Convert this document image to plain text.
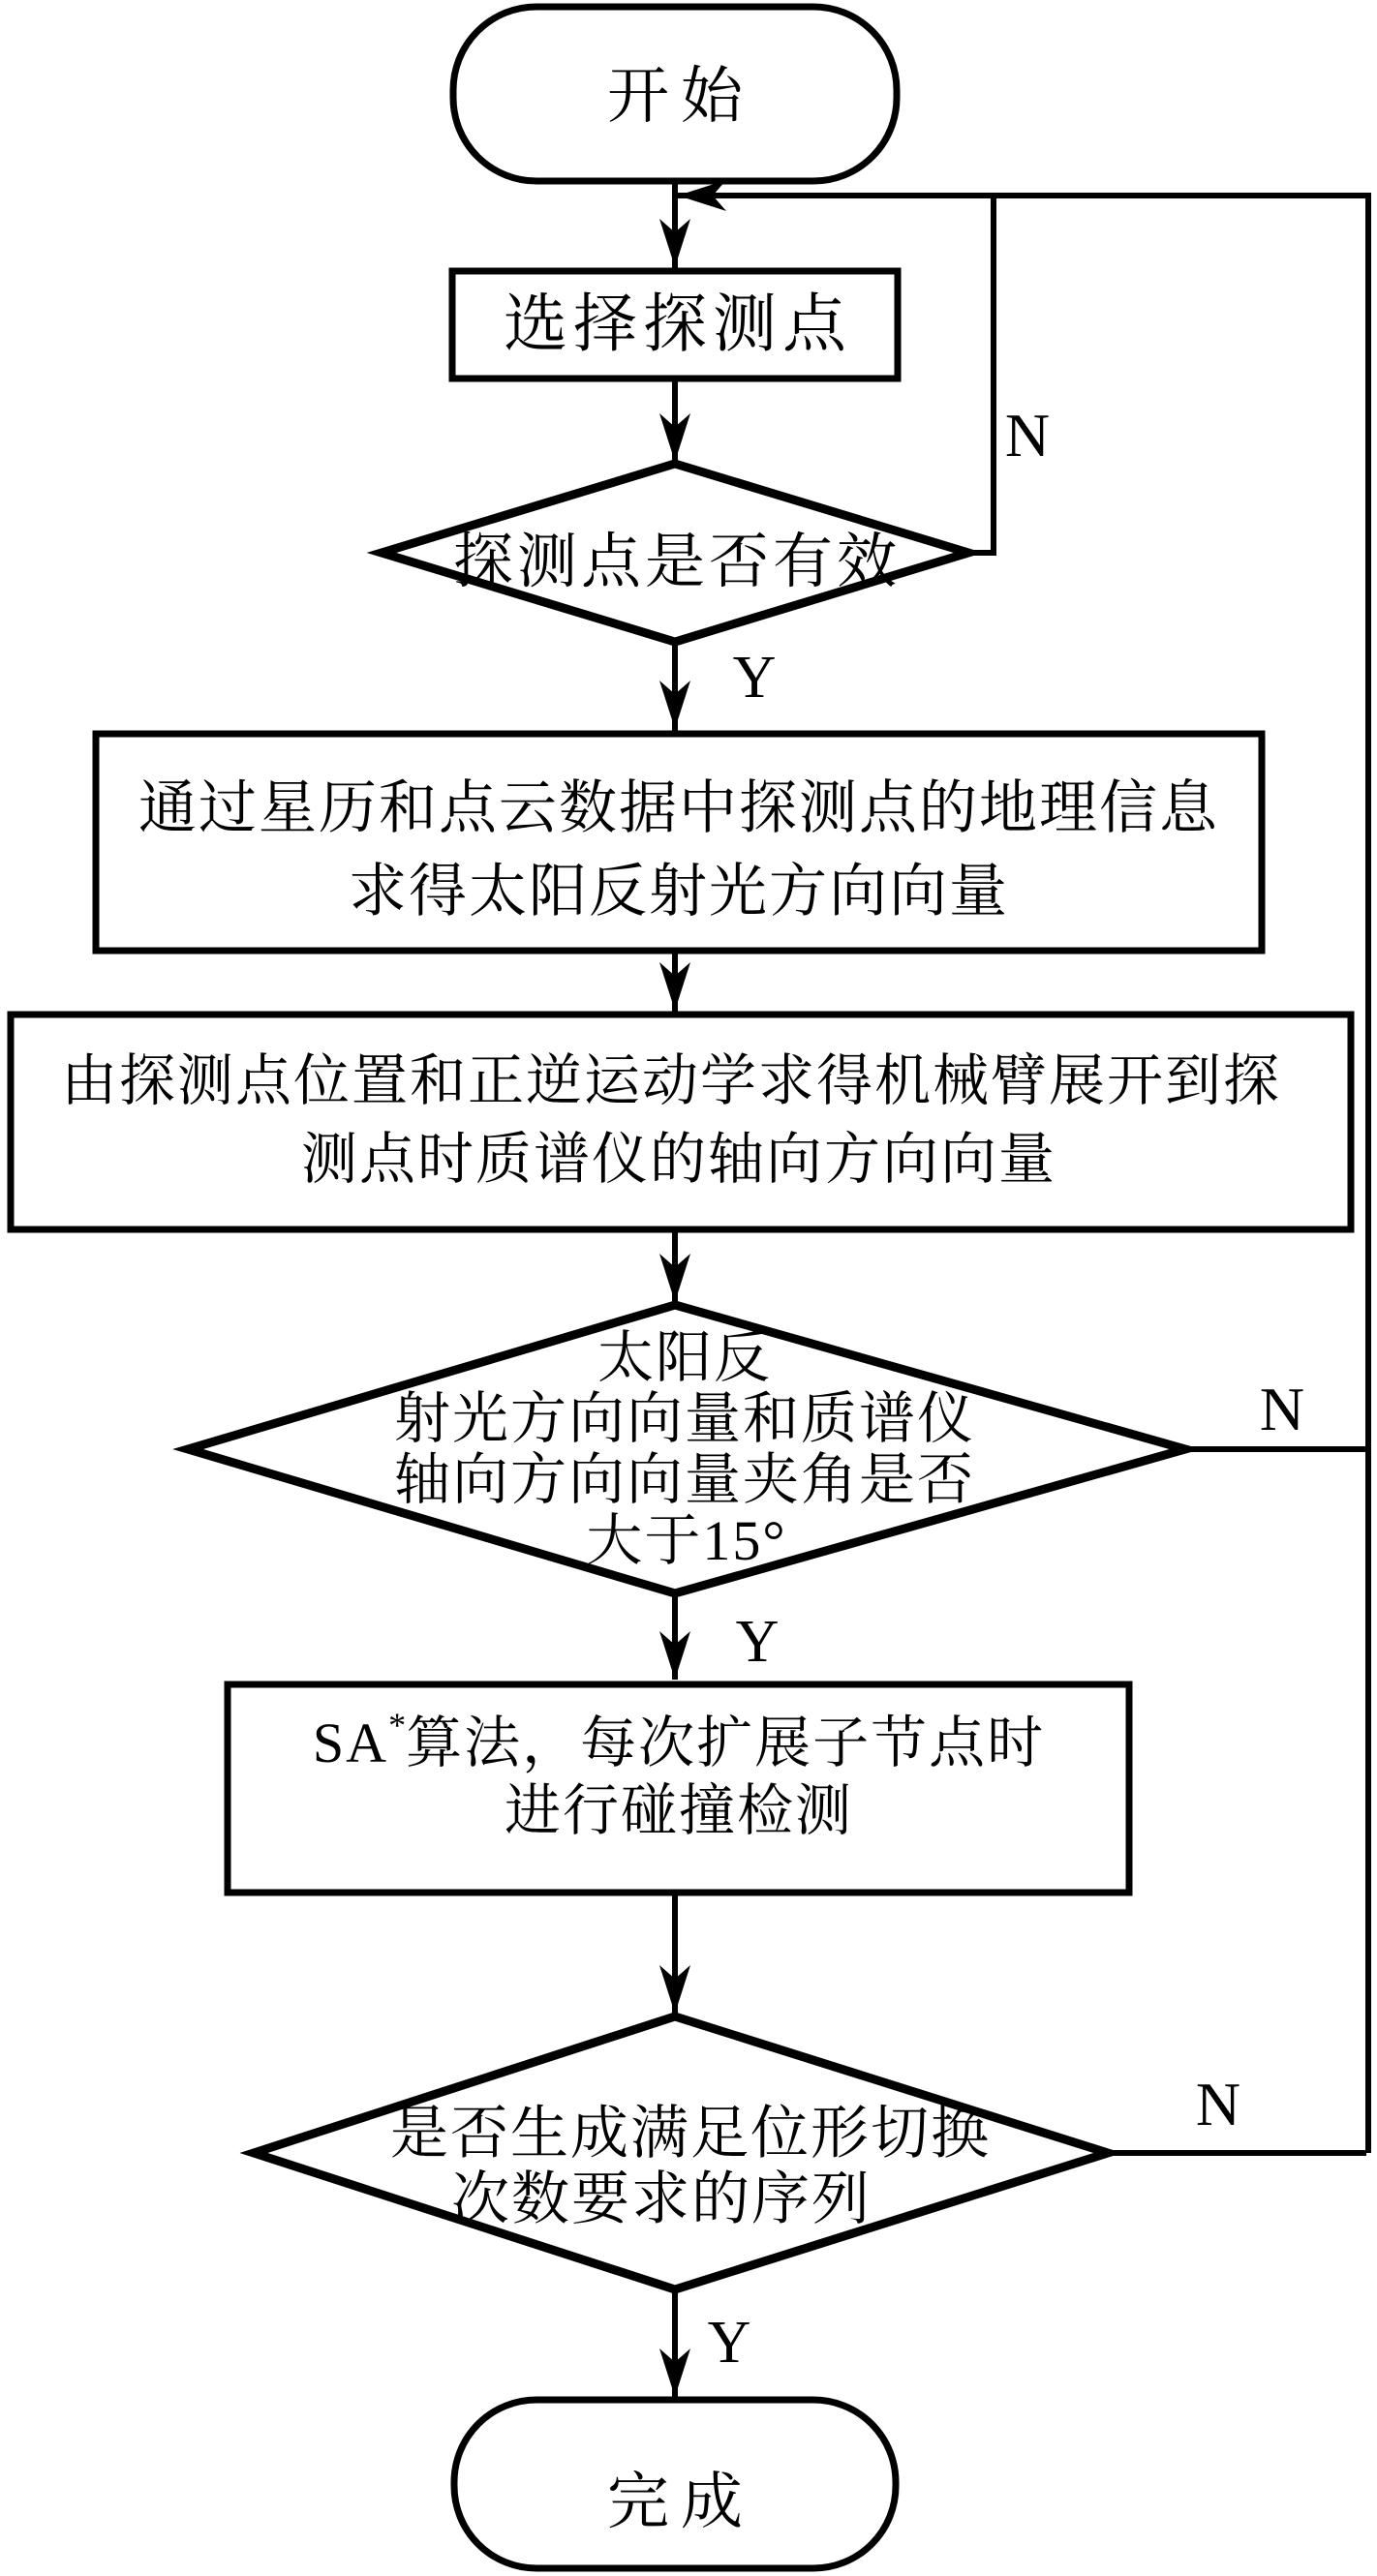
开始
选择探测点
探测点是否有效
通过星历和点云数据中探测点的地理信息
求得太阳反射光方向向量
由探测点位置和正逆运动学求得机械臂展开到探
测点时质谱仪的轴向方向向量
太阳反
射光方向向量和质谱仪
轴向方向向量夹角是否
大于15°
SA*算法，每次扩展子节点时
进行碰撞检测
是否生成满足位形切换
次数要求的序列
完成
N
Y
N
Y
N
Y
